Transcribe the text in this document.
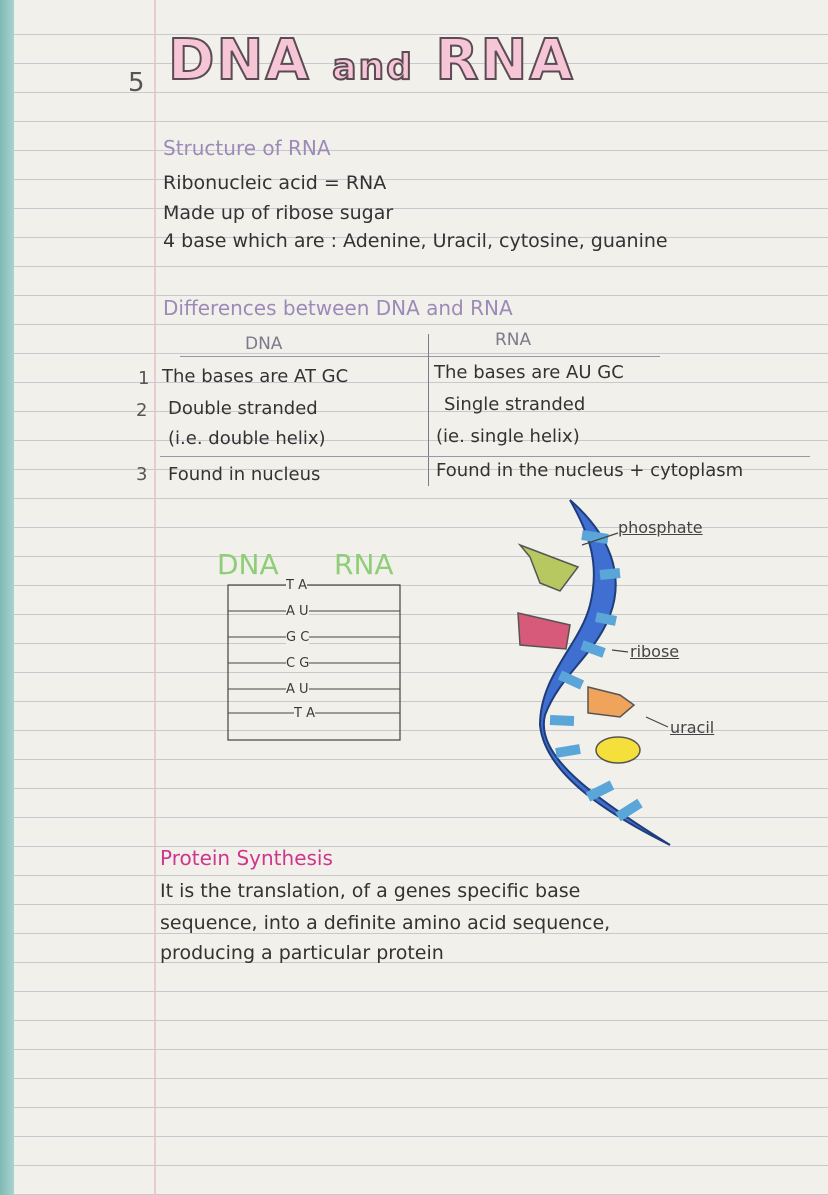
5 DNA and RNA
Structure of RNA
Ribonucleic acid = RNA
Made up of ribose sugar
4 base which are : Adenine, Uracil, cytosine, guanine
Differences between DNA and RNA
DNA	RNA
1 The bases are AT GC	The bases are AU GC
2 Double stranded	Single stranded
(i.e. double helix)	(ie. single helix)
3 Found in nucleus	Found in the nucleus + cytoplasm
DNA RNA
T A
A U
G C
C G
A U
T A
phosphate
ribose
uracil
Protein Synthesis
It is the translation, of a genes specific base
sequence, into a definite amino acid sequence,
producing a particular protein
